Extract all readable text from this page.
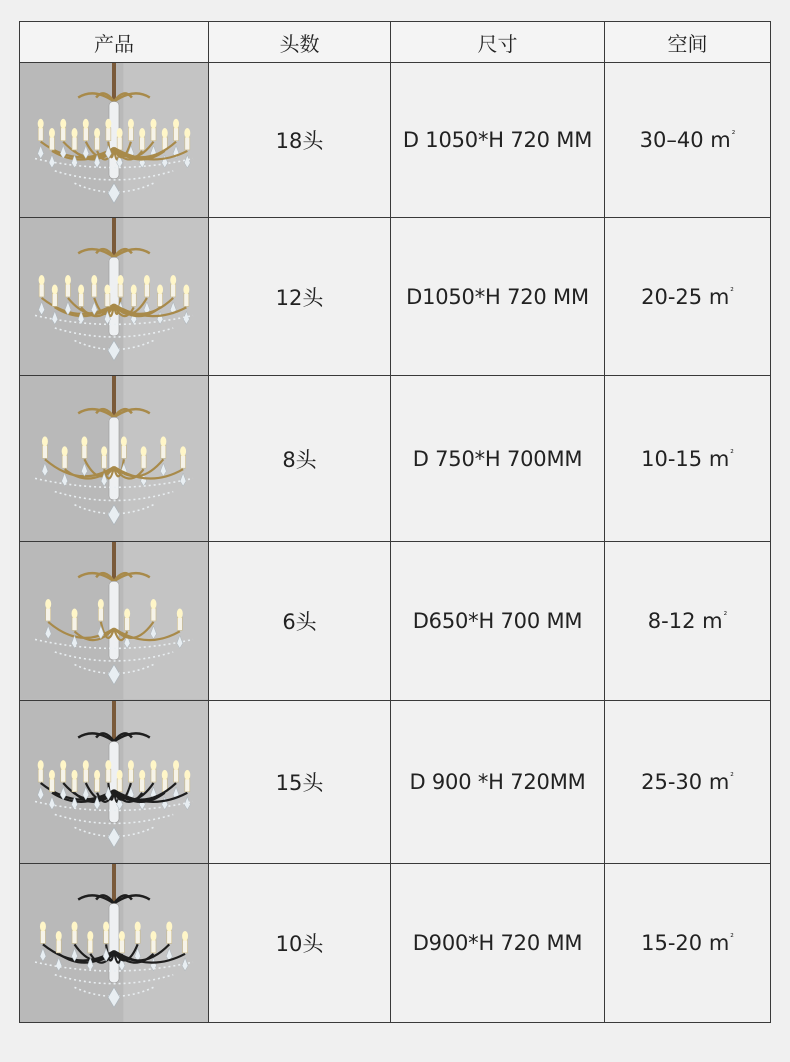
产品	头数	尺寸	空间

	18头	D 1050*H 720 MM	30–40 $m^{^2}$

	12头	D1050*H 720 MM	20-25 $m^{^2}$

	8头	D 750*H 700MM	10-15 $m^{^2}$

	6头	D650*H 700 MM	8-12 $m^{^2}$

	15头	D 900 *H 720MM	25-30 $m^{^2}$

	10头	D900*H 720 MM	15-20 $m^{^2}$
